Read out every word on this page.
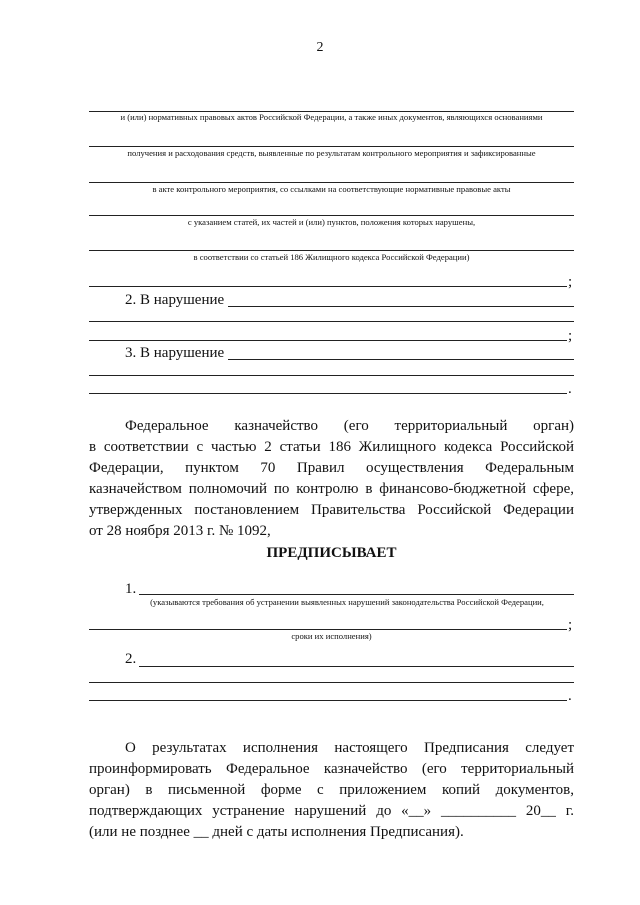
2
и (или) нормативных правовых актов Российской Федерации, а также иных документов, являющихся основаниями
получения и расходования средств, выявленные по результатам контрольного мероприятия и зафиксированные
в акте контрольного мероприятия, со ссылками на соответствующие нормативные правовые акты
с указанием статей, их частей и (или) пунктов, положения которых нарушены,
в соответствии со статьей 186 Жилищного кодекса Российской Федерации)
;
2. В нарушение
;
3. В нарушение
.
Федеральное казначейство (его территориальный орган)
в соответствии с частью 2 статьи 186 Жилищного кодекса Российской
Федерации, пунктом 70 Правил осуществления Федеральным
казначейством полномочий по контролю в финансово-бюджетной сфере,
утвержденных постановлением Правительства Российской Федерации
от 28 ноября 2013 г. № 1092,
ПРЕДПИСЫВАЕТ
1.
(указываются требования об устранении выявленных нарушений законодательства Российской Федерации,
;
сроки их исполнения)
2.
.
О результатах исполнения настоящего Предписания следует
проинформировать Федеральное казначейство (его территориальный
орган) в письменной форме с приложением копий документов,
подтверждающих устранение нарушений до «__» __________ 20__ г.
(или не позднее __ дней с даты исполнения Предписания).
